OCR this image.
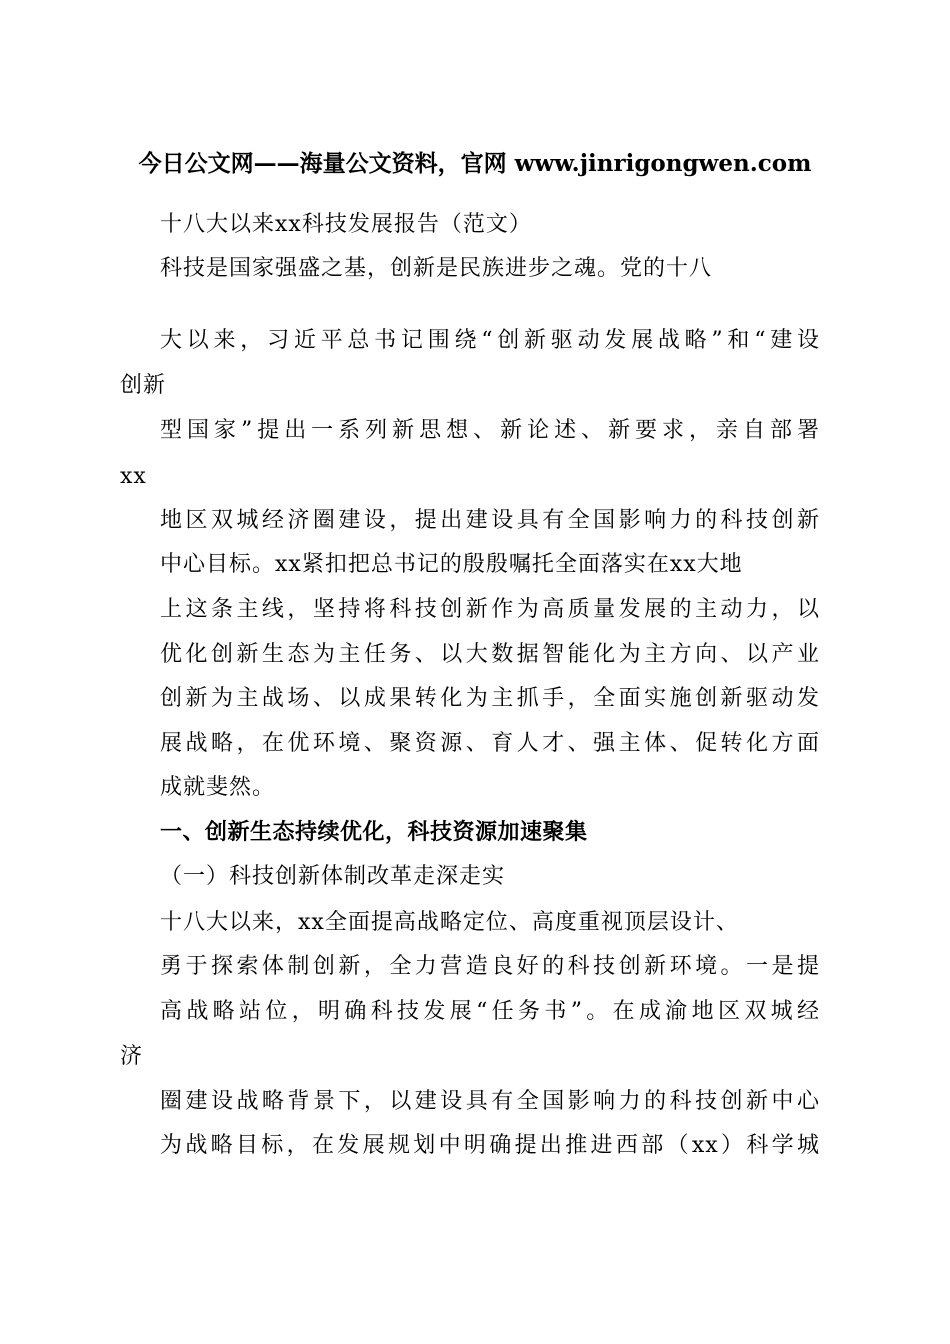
今日公文网——海量公文资料，官网 www.jinrigongwen.com
十八大以来xx科技发展报告（范文）
科技是国家强盛之基，创新是民族进步之魂。党的十八
大以来，习近平总书记围绕“创新驱动发展战略”和“建设
创新
型国家”提出一系列新思想、新论述、新要求，亲自部署
xx
地区双城经济圈建设，提出建设具有全国影响力的科技创新
中心目标。xx紧扣把总书记的殷殷嘱托全面落实在xx大地
上这条主线，坚持将科技创新作为高质量发展的主动力，以
优化创新生态为主任务、以大数据智能化为主方向、以产业
创新为主战场、以成果转化为主抓手，全面实施创新驱动发
展战略，在优环境、聚资源、育人才、强主体、促转化方面
成就斐然。
一、创新生态持续优化，科技资源加速聚集
（一）科技创新体制改革走深走实
十八大以来，xx全面提高战略定位、高度重视顶层设计、
勇于探索体制创新，全力营造良好的科技创新环境。一是提
高战略站位，明确科技发展“任务书”。在成渝地区双城经
济
圈建设战略背景下，以建设具有全国影响力的科技创新中心
为战略目标，在发展规划中明确提出推进西部（xx）科学城
